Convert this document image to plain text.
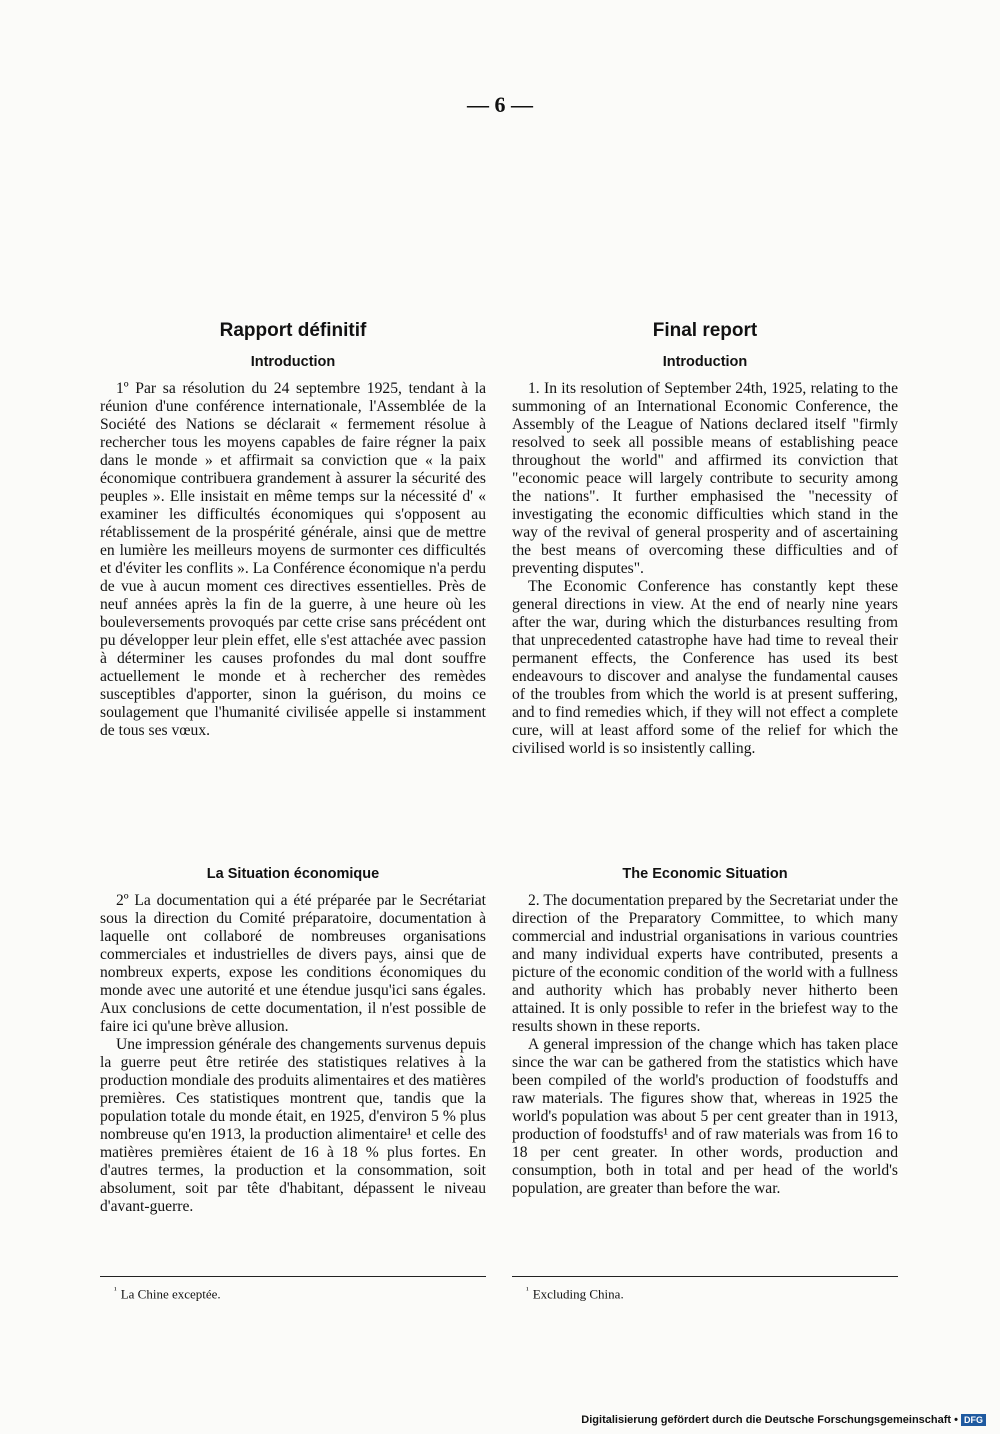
— 6 —
Rapport définitif
Introduction

1º Par sa résolution du 24 septembre 1925, tendant à la réunion d'une conférence internationale, l'Assemblée de la Société des Nations se déclarait « fermement résolue à rechercher tous les moyens capables de faire régner la paix dans le monde » et affirmait sa conviction que « la paix économique contribuera grandement à assurer la sécurité des peuples ». Elle insistait en même temps sur la nécessité d' « examiner les difficultés économiques qui s'opposent au rétablissement de la prospérité générale, ainsi que de mettre en lumière les meilleurs moyens de surmonter ces difficultés et d'éviter les conflits ». La Conférence économique n'a perdu de vue à aucun moment ces directives essentielles. Près de neuf années après la fin de la guerre, à une heure où les bouleversements provoqués par cette crise sans précédent ont pu développer leur plein effet, elle s'est attachée avec passion à déterminer les causes profondes du mal dont souffre actuellement le monde et à rechercher des remèdes susceptibles d'apporter, sinon la guérison, du moins ce soulagement que l'humanité civilisée appelle si instamment de tous ses vœux.

Final report
Introduction

1. In its resolution of September 24th, 1925, relating to the summoning of an International Economic Conference, the Assembly of the League of Nations declared itself "firmly resolved to seek all possible means of establishing peace throughout the world" and affirmed its conviction that "economic peace will largely contribute to security among the nations". It further emphasised the "necessity of investigating the economic difficulties which stand in the way of the revival of general prosperity and of ascertaining the best means of overcoming these difficulties and of preventing disputes".

The Economic Conference has constantly kept these general directions in view. At the end of nearly nine years after the war, during which the disturbances resulting from that unprecedented catastrophe have had time to reveal their permanent effects, the Conference has used its best endeavours to discover and analyse the fundamental causes of the troubles from which the world is at present suffering, and to find remedies which, if they will not effect a complete cure, will at least afford some of the relief for which the civilised world is so insistently calling.

La Situation économique

2º La documentation qui a été préparée par le Secrétariat sous la direction du Comité préparatoire, documentation à laquelle ont collaboré de nombreuses organisations commerciales et industrielles de divers pays, ainsi que de nombreux experts, expose les conditions économiques du monde avec une autorité et une étendue jusqu'ici sans égales. Aux conclusions de cette documentation, il n'est possible de faire ici qu'une brève allusion.

Une impression générale des changements survenus depuis la guerre peut être retirée des statistiques relatives à la production mondiale des produits alimentaires et des matières premières. Ces statistiques montrent que, tandis que la population totale du monde était, en 1925, d'environ 5 % plus nombreuse qu'en 1913, la production alimentaire¹ et celle des matières premières étaient de 16 à 18 % plus fortes. En d'autres termes, la production et la consommation, soit absolument, soit par tête d'habitant, dépassent le niveau d'avant-guerre.

The Economic Situation

2. The documentation prepared by the Secretariat under the direction of the Preparatory Committee, to which many commercial and industrial organisations in various countries and many individual experts have contributed, presents a picture of the economic condition of the world with a fullness and authority which has probably never hitherto been attained. It is only possible to refer in the briefest way to the results shown in these reports.

A general impression of the change which has taken place since the war can be gathered from the statistics which have been compiled of the world's production of foodstuffs and raw materials. The figures show that, whereas in 1925 the world's population was about 5 per cent greater than in 1913, production of foodstuffs¹ and of raw materials was from 16 to 18 per cent greater. In other words, production and consumption, both in total and per head of the world's population, are greater than before the war.

$^{^1}$ La Chine exceptée.	$^{^1}$ Excluding China.
Digitalisierung gefördert durch die Deutsche Forschungsgemeinschaft • DFG
